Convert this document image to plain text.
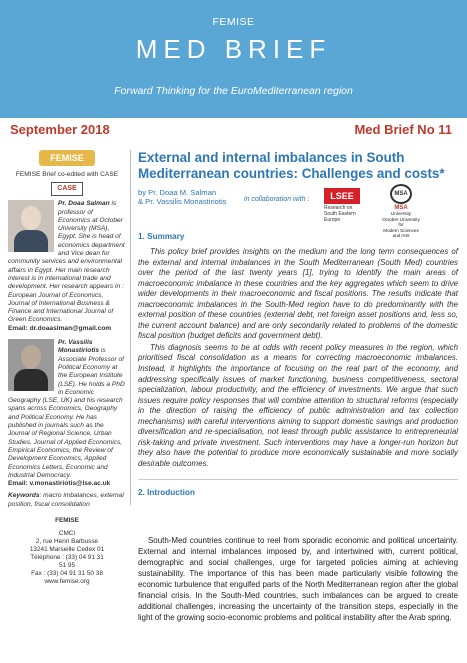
FEMISE
MED BRIEF
Forward Thinking for the EuroMediterranean region
September 2018	Med Brief No 11
FEMISE
FEMISE Brief co-edited with CASE
CASE
Pr. Doaa Salman is professor of Economics at October University (MSA), Egypt. She is head of economics department and Vice dean for community services and environmental affairs in Egypt. Her main research interest is in international trade and development. Her research appears in : European Journal of Economics, Journal of International Business & Finance and International Journal of Green Economics.
Email: dr.doaaslman@gmail.com
Pr. Vassilis Monastiriotis is Associate Professor of Political Economy at the European Institute (LSE). He holds a PhD in Economic Geography (LSE, UK) and his research spans across Economics, Geography and Political Economy. He has published in journals such as the Journal of Regional Science, Urban Studies, Journal of Applied Economics, Empirical Economics, the Review of Development Economics, Applied Economics Letters, Economic and Industrial Democracy.
Email: v.monastiriotis@lse.ac.uk
Keywords: macro imbalances, external position, fiscal consolidation
FEMISE
CMCI
2, rue Henri Barbusse
13241 Marseille Cedex 01
Téléphone : (33) 04 91 31
51 95
Fax : (33) 04 91 31 50 38
www.femise.org
External and internal imbalances in South Mediterranean countries: Challenges and costs*
by Pr. Doaa M. Salman
& Pr. Vassilis Monastiriotis	in collaboration with :	LSEE
Research on South Eastern Europe
MSA
MSA
University
October University for
Modern Sciences and Arts
1. Summary

This policy brief provides insights on the medium and the long term consequences of the external and internal imbalances in the South Mediterranean (South Med) countries over the period of the last twenty years [1], trying to identify the main areas of macroeconomic imbalance in these countries and the key aggregates which seem to drive wider developments in their macroeconomic and fiscal positions. The results indicate that macroeconomic imbalances in the South-Med region have to do predominantly with the external position of these countries (external debt, net foreign asset positions and, less so, the current account balance) and are only secondarily related to problems of the domestic fiscal position (budget deficits and government debt).

This diagnosis seems to be at odds with recent policy measures in the region, which prioritised fiscal consolidation as a means for correcting macroeconomic imbalances. Instead, it highlights the importance of focusing on the real part of the economy, and addressing specifically issues of market functioning, business competitiveness, sectoral specialization, labour productivity, and the efficiency of investments. We argue that such issues require policy responses that will combine attention to structural reforms (especially in the direction of raising the efficiency of public administration and tax collection mechanisms) with careful interventions aiming to support domestic savings and production diversification and re-specialisation, not least through public assistance to entrepreneurial risk-taking and private investment. Such interventions may have a longer-run horizon but they also have the potential to produce more economically sustainable and more socially desirable outcomes.

2. Introduction

South-Med countries continue to reel from sporadic economic and political uncertainty. External and internal imbalances imposed by, and intertwined with, current political, demographic and social challenges, urge for targeted policies aiming at achieving sustainability. The importance of this has been made particularly visible following the economic turbulence that engulfed parts of the North Mediterranean region after the global financial crisis. In the South-Med countries, such imbalances can be argued to create additional challenges, increasing the uncertainty of the transition steps, especially in the light of the growing socio-economic problems and political instability after the Arab spring.
